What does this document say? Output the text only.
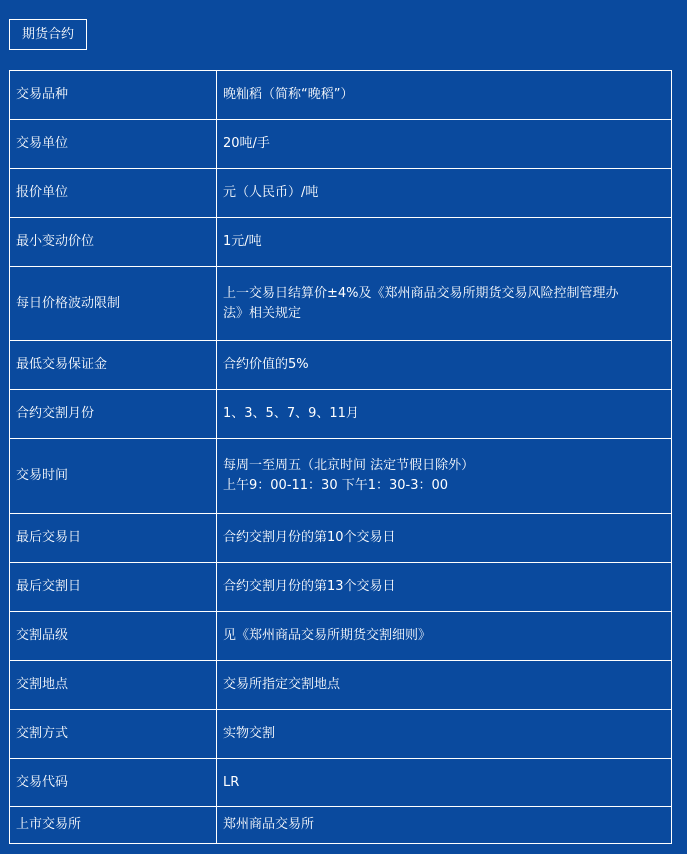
期货合约
交易品种	晚籼稻（简称“晚稻”）

交易单位	20吨/手

报价单位	元（人民币）/吨

最小变动价位	1元/吨

每日价格波动限制	上一交易日结算价±4%及《郑州商品交易所期货交易风险控制管理办
法》相关规定

最低交易保证金	合约价值的5%

合约交割月份	1、3、5、7、9、11月

交易时间	每周一至周五（北京时间 法定节假日除外）
上午9：00-11：30 下午1：30-3：00

最后交易日	合约交割月份的第10个交易日

最后交割日	合约交割月份的第13个交易日

交割品级	见《郑州商品交易所期货交割细则》

交割地点	交易所指定交割地点

交割方式	实物交割

交易代码	LR

上市交易所	郑州商品交易所
